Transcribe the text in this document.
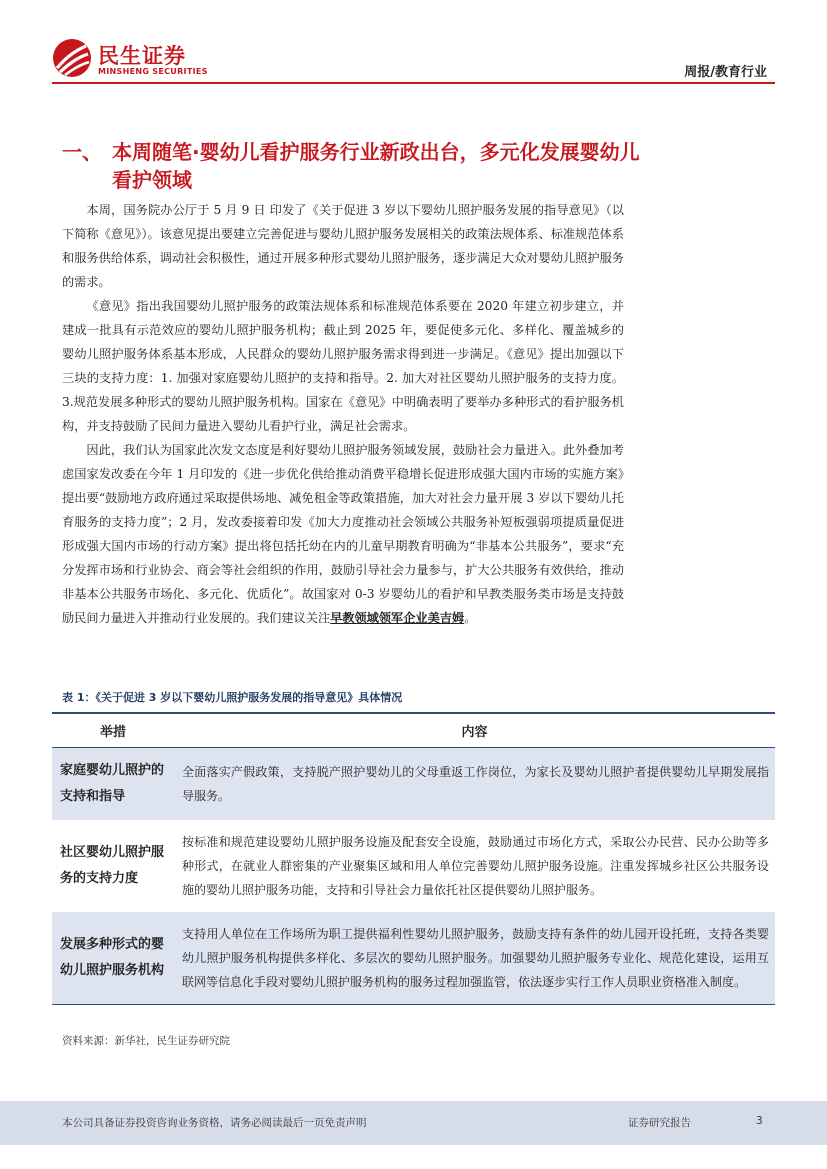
民生证券
MINSHENG SECURITIES	周报/教育行业
一、 本周随笔·婴幼儿看护服务行业新政出台，多元化发展婴幼儿看护领域

本周，国务院办公厅于 5 月 9 日 印发了《关于促进 3 岁以下婴幼儿照护服务发展的指导意见》（以下简称《意见》）。该意见提出要建立完善促进与婴幼儿照护服务发展相关的政策法规体系、标准规范体系和服务供给体系，调动社会积极性，通过开展多种形式婴幼儿照护服务，逐步满足大众对婴幼儿照护服务的需求。

《意见》指出我国婴幼儿照护服务的政策法规体系和标准规范体系要在 2020 年建立初步建立，并建成一批具有示范效应的婴幼儿照护服务机构；截止到 2025 年，要促使多元化、多样化、覆盖城乡的婴幼儿照护服务体系基本形成，人民群众的婴幼儿照护服务需求得到进一步满足。《意见》提出加强以下三块的支持力度：1. 加强对家庭婴幼儿照护的支持和指导。2. 加大对社区婴幼儿照护服务的支持力度。3.规范发展多种形式的婴幼儿照护服务机构。国家在《意见》中明确表明了要举办多种形式的看护服务机构，并支持鼓励了民间力量进入婴幼儿看护行业，满足社会需求。

因此，我们认为国家此次发文态度是利好婴幼儿照护服务领域发展，鼓励社会力量进入。此外叠加考虑国家发改委在今年 1 月印发的《进一步优化供给推动消费平稳增长促进形成强大国内市场的实施方案》提出要“鼓励地方政府通过采取提供场地、减免租金等政策措施，加大对社会力量开展 3 岁以下婴幼儿托育服务的支持力度”；2 月，发改委接着印发《加大力度推动社会领域公共服务补短板强弱项提质量促进形成强大国内市场的行动方案》提出将包括托幼在内的儿童早期教育明确为“非基本公共服务”，要求“充分发挥市场和行业协会、商会等社会组织的作用，鼓励引导社会力量参与，扩大公共服务有效供给，推动非基本公共服务市场化、多元化、优质化”。故国家对 0-3 岁婴幼儿的看护和早教类服务类市场是支持鼓励民间力量进入并推动行业发展的。我们建议关注早教领域领军企业美吉姆。

表 1：《关于促进 3 岁以下婴幼儿照护服务发展的指导意见》具体情况
举措	内容
家庭婴幼儿照护的支持和指导	全面落实产假政策，支持脱产照护婴幼儿的父母重返工作岗位，为家长及婴幼儿照护者提供婴幼儿早期发展指导服务。
社区婴幼儿照护服务的支持力度	按标准和规范建设婴幼儿照护服务设施及配套安全设施，鼓励通过市场化方式，采取公办民营、民办公助等多种形式，在就业人群密集的产业聚集区域和用人单位完善婴幼儿照护服务设施。注重发挥城乡社区公共服务设施的婴幼儿照护服务功能，支持和引导社会力量依托社区提供婴幼儿照护服务。
发展多种形式的婴幼儿照护服务机构	支持用人单位在工作场所为职工提供福利性婴幼儿照护服务，鼓励支持有条件的幼儿园开设托班，支持各类婴幼儿照护服务机构提供多样化、多层次的婴幼儿照护服务。加强婴幼儿照护服务专业化、规范化建设，运用互联网等信息化手段对婴幼儿照护服务机构的服务过程加强监管，依法逐步实行工作人员职业资格准入制度。
资料来源：新华社，民生证券研究院
本公司具备证券投资咨询业务资格，请务必阅读最后一页免责声明	证券研究报告	3
